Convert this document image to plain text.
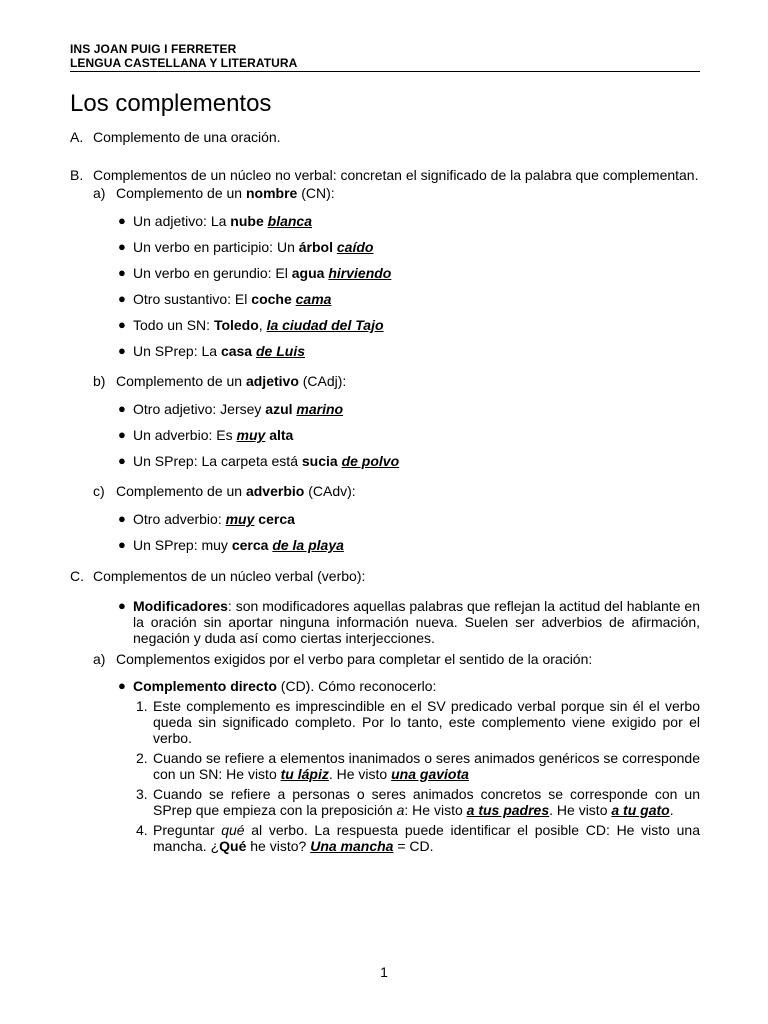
INS JOAN PUIG I FERRETER
LENGUA CASTELLANA Y LITERATURA
Los complementos
A. Complemento de una oración.
B. Complementos de un núcleo no verbal: concretan el significado de la palabra que complementan.
a) Complemento de un nombre (CN):
● Un adjetivo: La nube blanca
● Un verbo en participio: Un árbol caído
● Un verbo en gerundio: El agua hirviendo
● Otro sustantivo: El coche cama
● Todo un SN: Toledo, la ciudad del Tajo
● Un SPrep: La casa de Luis
b) Complemento de un adjetivo (CAdj):
● Otro adjetivo: Jersey azul marino
● Un adverbio: Es muy alta
● Un SPrep: La carpeta está sucia de polvo
c) Complemento de un adverbio (CAdv):
● Otro adverbio: muy cerca
● Un SPrep: muy cerca de la playa
C. Complementos de un núcleo verbal (verbo):
● Modificadores: son modificadores aquellas palabras que reflejan la actitud del hablante en la oración sin aportar ninguna información nueva. Suelen ser adverbios de afirmación, negación y duda así como ciertas interjecciones.
a) Complementos exigidos por el verbo para completar el sentido de la oración:
● Complemento directo (CD). Cómo reconocerlo:
1. Este complemento es imprescindible en el SV predicado verbal porque sin él el verbo queda sin significado completo. Por lo tanto, este complemento viene exigido por el verbo.
2. Cuando se refiere a elementos inanimados o seres animados genéricos se corresponde con un SN: He visto tu lápiz. He visto una gaviota
3. Cuando se refiere a personas o seres animados concretos se corresponde con un SPrep que empieza con la preposición a: He visto a tus padres. He visto a tu gato.
4. Preguntar qué al verbo. La respuesta puede identificar el posible CD: He visto una mancha. ¿Qué he visto? Una mancha = CD.
1
